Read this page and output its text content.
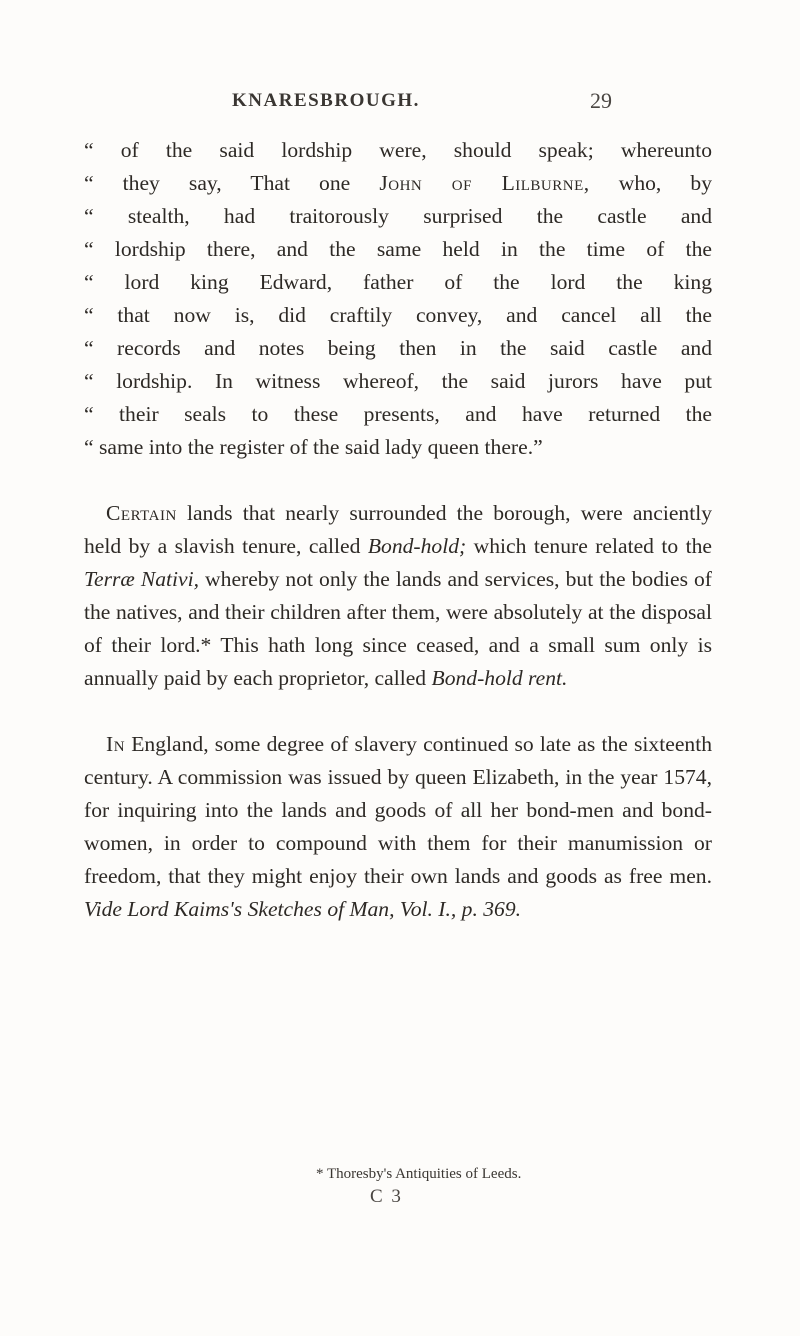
KNARESBROUGH.	29
“ of the said lordship were, should speak; whereunto
“ they say, That one John of Lilburne, who, by
“ stealth, had traitorously surprised the castle and
“ lordship there, and the same held in the time of the
“ lord king Edward, father of the lord the king
“ that now is, did craftily convey, and cancel all the
“ records and notes being then in the said castle and
“ lordship. In witness whereof, the said jurors have put
“ their seals to these presents, and have returned the
“ same into the register of the said lady queen there.”

Certain lands that nearly surrounded the borough, were anciently held by a slavish tenure, called Bond-hold; which tenure related to the Terræ Nativi, whereby not only the lands and services, but the bodies of the natives, and their children after them, were absolutely at the disposal of their lord.* This hath long since ceased, and a small sum only is annually paid by each proprietor, called Bond-hold rent.

In England, some degree of slavery continued so late as the sixteenth century. A commission was issued by queen Elizabeth, in the year 1574, for inquiring into the lands and goods of all her bond-men and bond-women, in order to compound with them for their manumission or freedom, that they might enjoy their own lands and goods as free men. Vide Lord Kaims's Sketches of Man, Vol. I., p. 369.

* Thoresby's Antiquities of Leeds.
C 3
